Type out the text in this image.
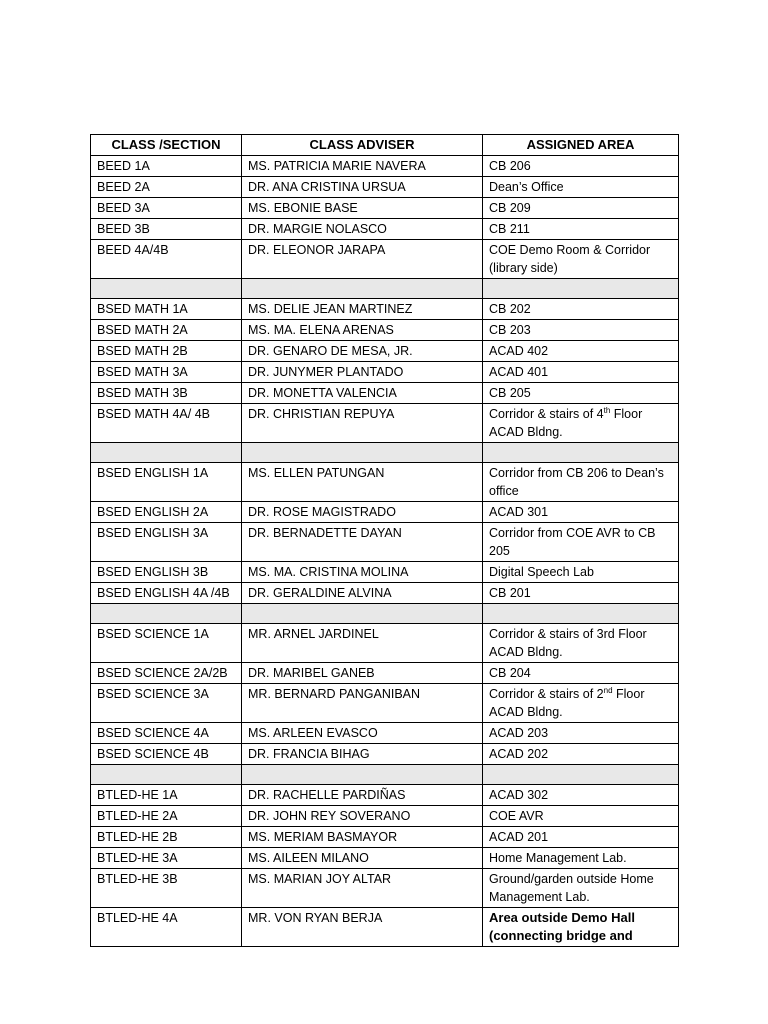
CLASS /SECTION	CLASS ADVISER	ASSIGNED AREA
BEED 1A	MS. PATRICIA MARIE NAVERA	CB 206
BEED 2A	DR. ANA CRISTINA URSUA	Dean’s Office
BEED 3A	MS. EBONIE BASE	CB 209
BEED 3B	DR. MARGIE NOLASCO	CB 211
BEED 4A/4B	DR. ELEONOR JARAPA	COE Demo Room & Corridor (library side)

BSED MATH 1A	MS. DELIE JEAN MARTINEZ	CB 202
BSED MATH 2A	MS. MA. ELENA ARENAS	CB 203
BSED MATH 2B	DR. GENARO DE MESA, JR.	ACAD 402
BSED MATH 3A	DR. JUNYMER PLANTADO	ACAD 401
BSED MATH 3B	DR. MONETTA VALENCIA	CB 205
BSED MATH 4A/ 4B	DR. CHRISTIAN REPUYA	Corridor & stairs of 4th Floor ACAD Bldng.

BSED ENGLISH 1A	MS. ELLEN PATUNGAN	Corridor from CB 206 to Dean’s office
BSED ENGLISH 2A	DR. ROSE MAGISTRADO	ACAD 301
BSED ENGLISH 3A	DR. BERNADETTE DAYAN	Corridor from COE AVR to CB 205
BSED ENGLISH 3B	MS. MA. CRISTINA MOLINA	Digital Speech Lab
BSED ENGLISH 4A /4B	DR. GERALDINE ALVINA	CB 201

BSED SCIENCE 1A	MR. ARNEL JARDINEL	Corridor & stairs of 3rd Floor ACAD Bldng.
BSED SCIENCE 2A/2B	DR. MARIBEL GANEB	CB 204
BSED SCIENCE 3A	MR. BERNARD PANGANIBAN	Corridor & stairs of 2nd Floor ACAD Bldng.
BSED SCIENCE 4A	MS. ARLEEN EVASCO	ACAD 203
BSED SCIENCE 4B	DR. FRANCIA BIHAG	ACAD 202

BTLED-HE 1A	DR. RACHELLE PARDIÑAS	ACAD 302
BTLED-HE 2A	DR. JOHN REY SOVERANO	COE AVR
BTLED-HE 2B	MS. MERIAM BASMAYOR	ACAD 201
BTLED-HE 3A	MS. AILEEN MILANO	Home Management Lab.
BTLED-HE 3B	MS. MARIAN JOY ALTAR	Ground/garden outside Home Management Lab.
BTLED-HE 4A	MR. VON RYAN BERJA	Area outside Demo Hall (connecting bridge and
